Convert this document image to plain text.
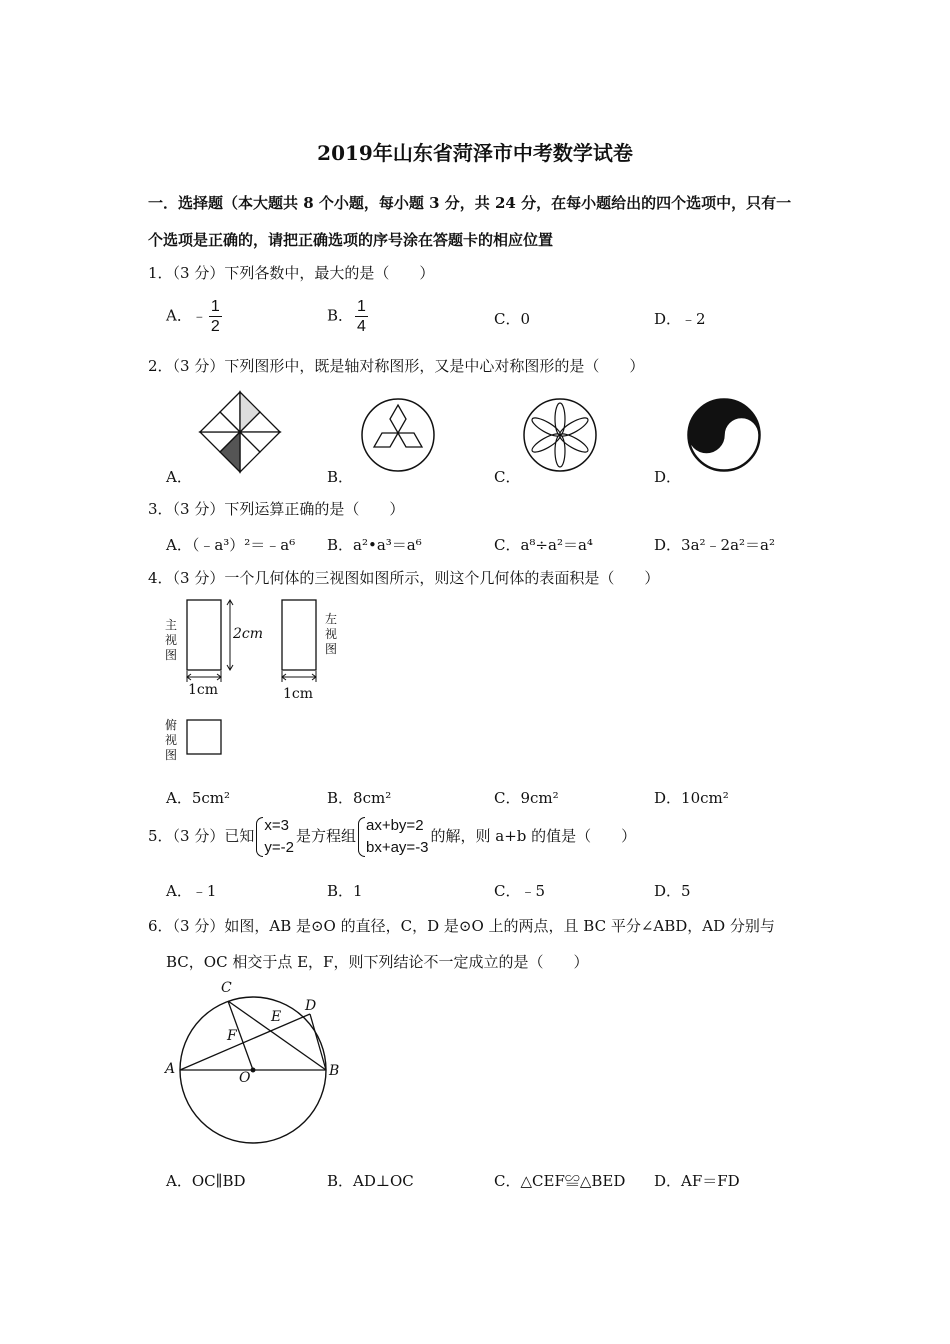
2019年山东省菏泽市中考数学试卷
一．选择题（本大题共 8 个小题，每小题 3 分，共 24 分，在每小题给出的四个选项中，只有一
个选项是正确的，请把正确选项的序号涂在答题卡的相应位置
1．（3 分）下列各数中，最大的是（　　）
A．﹣ $\frac{1}{2}$	B． $\frac{1}{4}$	C．0	D．﹣2
2．（3 分）下列图形中，既是轴对称图形，又是中心对称图形的是（　　）
A．	B．	C．	D．
3．（3 分）下列运算正确的是（　　）
A．（﹣a³）²＝﹣a⁶ B．a²•a³＝a⁶	C．a⁸÷a²＝a⁴	D．3a²﹣2a²＝a²
4．（3 分）一个几何体的三视图如图所示，则这个几何体的表面积是（　　）
主视图
左视图
俯视图
2cm
1cm	1cm
A．5cm²	B．8cm²	C．9cm²	D．10cm²
5．（3 分）已知
x=3
y=-2
是方程组
ax+by=2
bx+ay=-3
的解，则 a+b 的值是（　　）
A．﹣1	B．1	C．﹣5	D．5
6．（3 分）如图，AB 是⊙O 的直径，C，D 是⊙O 上的两点，且 BC 平分∠ABD，AD 分别与
BC，OC 相交于点 E，F，则下列结论不一定成立的是（　　）
A	B
C
D
E
F
O
A．OC∥BD	B．AD⊥OC	C．△CEF≌△BED D．AF＝FD
